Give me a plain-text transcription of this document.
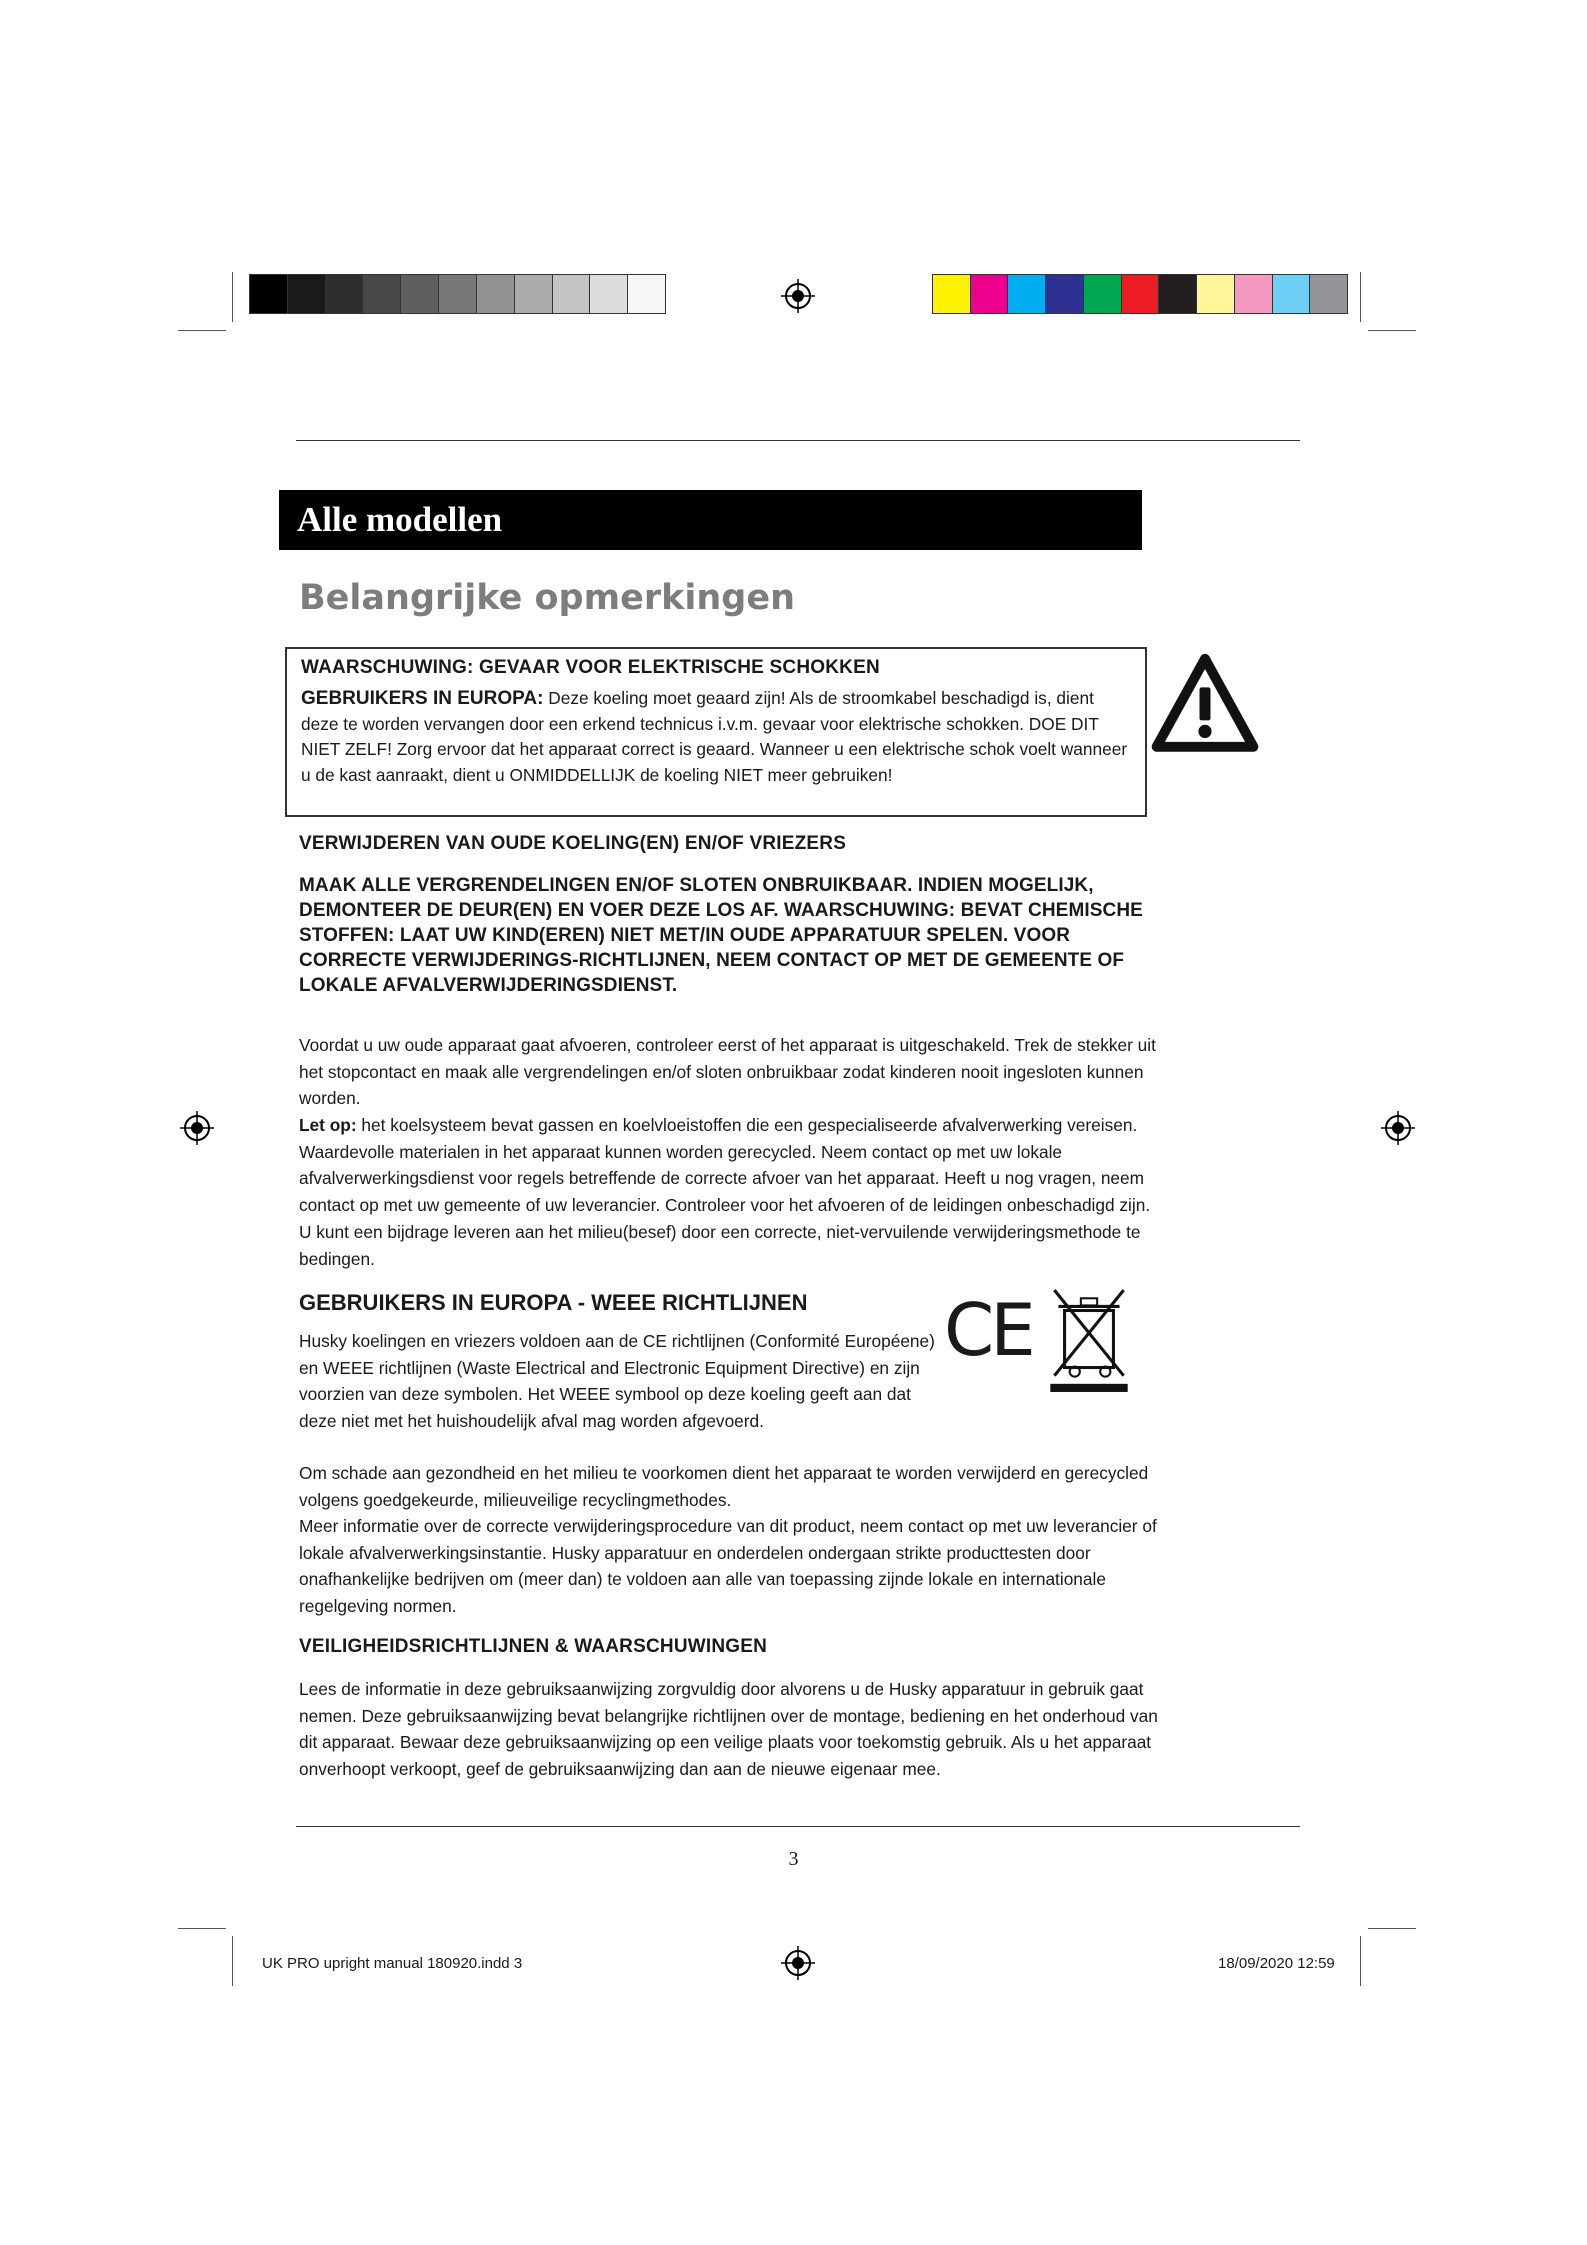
Alle modellen
Belangrijke opmerkingen
WAARSCHUWING: GEVAAR VOOR ELEKTRISCHE SCHOKKEN
GEBRUIKERS IN EUROPA: Deze koeling moet geaard zijn! Als de stroomkabel beschadigd is, dient deze te worden vervangen door een erkend technicus i.v.m. gevaar voor elektrische schokken. DOE DIT NIET ZELF! Zorg ervoor dat het apparaat correct is geaard. Wanneer u een elektrische schok voelt wanneer u de kast aanraakt, dient u ONMIDDELLIJK de koeling NIET meer gebruiken!
VERWIJDEREN VAN OUDE KOELING(EN) EN/OF VRIEZERS
MAAK ALLE VERGRENDELINGEN EN/OF SLOTEN ONBRUIKBAAR. INDIEN MOGELIJK, DEMONTEER DE DEUR(EN) EN VOER DEZE LOS AF. WAARSCHUWING: BEVAT CHEMISCHE STOFFEN: LAAT UW KIND(EREN) NIET MET/IN OUDE APPARATUUR SPELEN. VOOR CORRECTE VERWIJDERINGS-RICHTLIJNEN, NEEM CONTACT OP MET DE GEMEENTE OF LOKALE AFVALVERWIJDERINGSDIENST.
Voordat u uw oude apparaat gaat afvoeren, controleer eerst of het apparaat is uitgeschakeld. Trek de stekker uit het stopcontact en maak alle vergrendelingen en/of sloten onbruikbaar zodat kinderen nooit ingesloten kunnen worden.
Let op: het koelsysteem bevat gassen en koelvloeistoffen die een gespecialiseerde afvalverwerking vereisen. Waardevolle materialen in het apparaat kunnen worden gerecycled. Neem contact op met uw lokale afvalverwerkingsdienst voor regels betreffende de correcte afvoer van het apparaat. Heeft u nog vragen, neem contact op met uw gemeente of uw leverancier. Controleer voor het afvoeren of de leidingen onbeschadigd zijn. U kunt een bijdrage leveren aan het milieu(besef) door een correcte, niet-vervuilende verwijderingsmethode te bedingen.
GEBRUIKERS IN EUROPA - WEEE RICHTLIJNEN
Husky koelingen en vriezers voldoen aan de CE richtlijnen (Conformité Européene) en WEEE richtlijnen (Waste Electrical and Electronic Equipment Directive) en zijn voorzien van deze symbolen. Het WEEE symbool op deze koeling geeft aan dat deze niet met het huishoudelijk afval mag worden afgevoerd.
CE
Om schade aan gezondheid en het milieu te voorkomen dient het apparaat te worden verwijderd en gerecycled volgens goedgekeurde, milieuveilige recyclingmethodes.
Meer informatie over de correcte verwijderingsprocedure van dit product, neem contact op met uw leverancier of lokale afvalverwerkingsinstantie. Husky apparatuur en onderdelen ondergaan strikte producttesten door onafhankelijke bedrijven om (meer dan) te voldoen aan alle van toepassing zijnde lokale en internationale regelgeving normen.
VEILIGHEIDSRICHTLIJNEN & WAARSCHUWINGEN
Lees de informatie in deze gebruiksaanwijzing zorgvuldig door alvorens u de Husky apparatuur in gebruik gaat nemen. Deze gebruiksaanwijzing bevat belangrijke richtlijnen over de montage, bediening en het onderhoud van dit apparaat. Bewaar deze gebruiksaanwijzing op een veilige plaats voor toekomstig gebruik. Als u het apparaat onverhoopt verkoopt, geef de gebruiksaanwijzing dan aan de nieuwe eigenaar mee.
3
UK PRO upright manual 180920.indd 3	18/09/2020 12:59
